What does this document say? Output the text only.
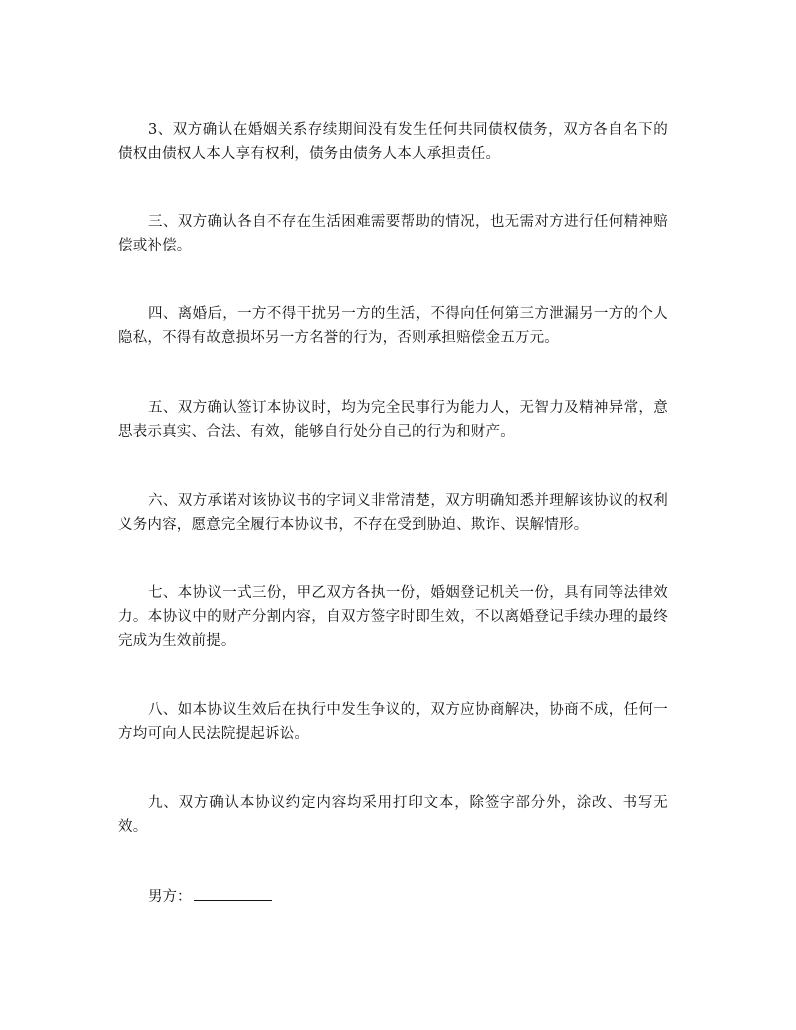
3、双方确认在婚姻关系存续期间没有发生任何共同债权债务，双方各自名下的债权由债权人本人享有权利，债务由债务人本人承担责任。

三、双方确认各自不存在生活困难需要帮助的情况，也无需对方进行任何精神赔偿或补偿。

四、离婚后，一方不得干扰另一方的生活，不得向任何第三方泄漏另一方的个人隐私，不得有故意损坏另一方名誉的行为，否则承担赔偿金五万元。

五、双方确认签订本协议时，均为完全民事行为能力人，无智力及精神异常，意思表示真实、合法、有效，能够自行处分自己的行为和财产。

六、双方承诺对该协议书的字词义非常清楚，双方明确知悉并理解该协议的权利义务内容，愿意完全履行本协议书，不存在受到胁迫、欺诈、误解情形。

七、本协议一式三份，甲乙双方各执一份，婚姻登记机关一份，具有同等法律效力。本协议中的财产分割内容，自双方签字时即生效，不以离婚登记手续办理的最终完成为生效前提。

八、如本协议生效后在执行中发生争议的，双方应协商解决，协商不成，任何一方均可向人民法院提起诉讼。

九、双方确认本协议约定内容均采用打印文本，除签字部分外，涂改、书写无效。

男方：
